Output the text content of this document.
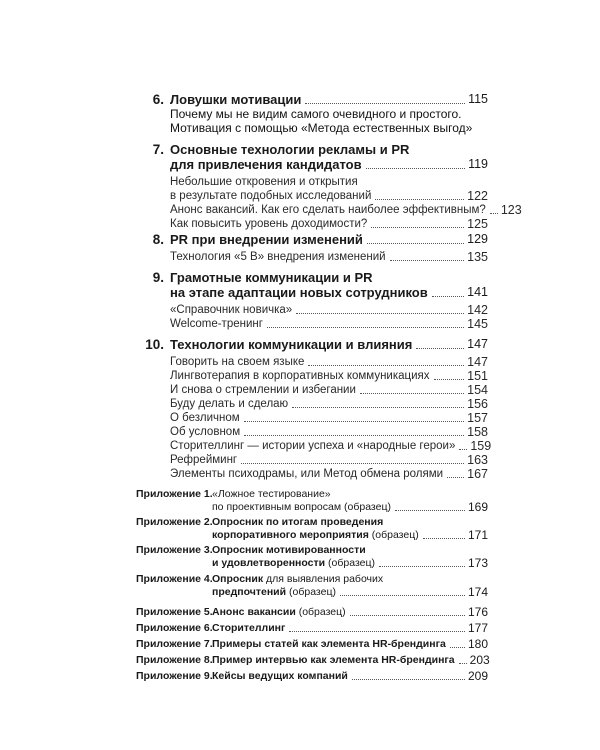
6. Ловушки мотивации	115
Почему мы не видим самого очевидного и простого.
Мотивация с помощью «Метода естественных выгод»
7. Основные технологии рекламы и PR
для привлечения кандидатов	119
Небольшие откровения и открытия
в результате подобных исследований	122
Анонс вакансий. Как его сделать наиболее эффективным? 123
Как повысить уровень доходимости?	125
8. PR при внедрении изменений	129
Технология «5 В» внедрения изменений	135
9. Грамотные коммуникации и PR
на этапе адаптации новых сотрудников	141
«Справочник новичка»	142
Welcome-тренинг	145
10. Технологии коммуникации и влияния	147
Говорить на своем языке	147
Лингвотерапия в корпоративных коммуникациях	151
И снова о стремлении и избегании	154
Буду делать и сделаю	156
О безличном	157
Об условном	158
Сторителлинг — истории успеха и «народные герои» 159
Рефрейминг	163
Элементы психодрамы, или Метод обмена ролями 167
Приложение 1. «Ложное тестирование»
по проективным вопросам (образец)	169
Приложение 2. Опросник по итогам проведения
корпоративного мероприятия (образец)	171
Приложение 3. Опросник мотивированности
и удовлетворенности (образец)	173
Приложение 4. Опросник для выявления рабочих
предпочтений (образец)	174
Приложение 5. Анонс вакансии (образец)	176
Приложение 6. Сторителлинг	177
Приложение 7. Примеры статей как элемента HR-брендинга 180
Приложение 8. Пример интервью как элемента HR-брендинга 203
Приложение 9. Кейсы ведущих компаний	209
